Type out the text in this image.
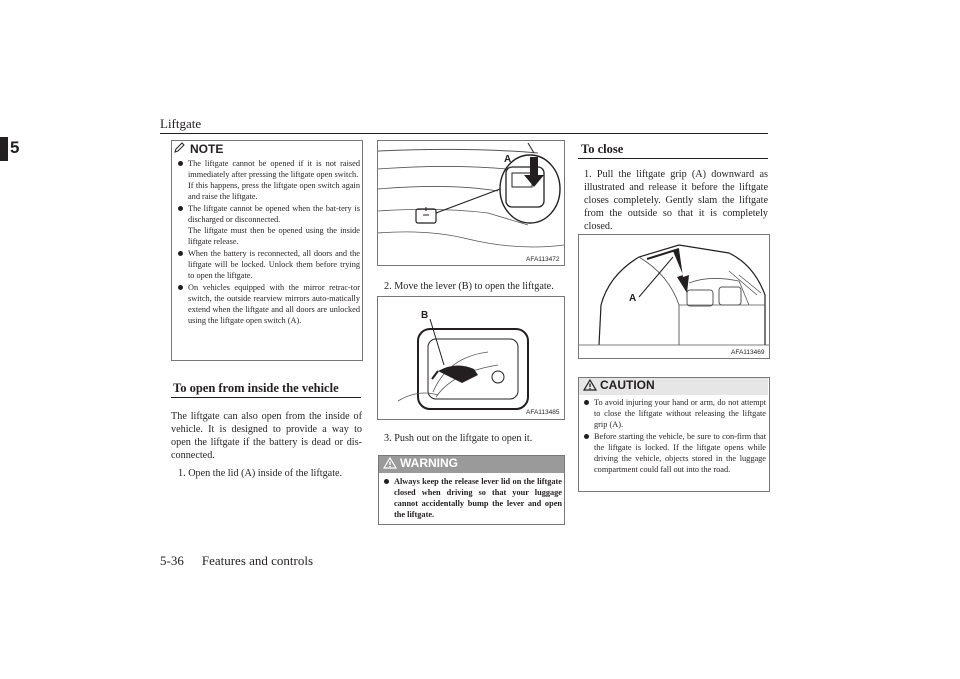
Liftgate
5	NOTE
The liftgate cannot be opened if it is not raised immediately after pressing the liftgate open switch.
If this happens, press the liftgate open switch again and raise the liftgate.
The liftgate cannot be opened when the bat-tery is discharged or disconnected.
The liftgate must then be opened using the inside liftgate release.
When the battery is reconnected, all doors and the liftgate will be locked. Unlock them before trying to open the liftgate.
On vehicles equipped with the mirror retrac-tor switch, the outside rearview mirrors auto-matically extend when the liftgate and all doors are unlocked using the liftgate open switch (A).
To open from inside the vehicle
The liftgate can also open from the inside of vehicle. It is designed to provide a way to open the liftgate if the battery is dead or dis-connected.
1. Open the lid (A) inside of the liftgate.
A
AFA113472
2. Move the lever (B) to open the liftgate.
B
AFA113485
3. Push out on the liftgate to open it.
WARNING
Always keep the release lever lid on the liftgate closed when driving so that your luggage cannot accidentally bump the lever and open the liftgate.
To close
1. Pull the liftgate grip (A) downward as illustrated and release it before the liftgate closes completely. Gently slam the liftgate from the outside so that it is completely closed.
A
AFA113469
CAUTION
To avoid injuring your hand or arm, do not attempt to close the liftgate without releasing the liftgate grip (A).
Before starting the vehicle, be sure to con-firm that the liftgate is locked. If the liftgate opens while driving the vehicle, objects stored in the luggage compartment could fall out into the road.
5-36 Features and controls
